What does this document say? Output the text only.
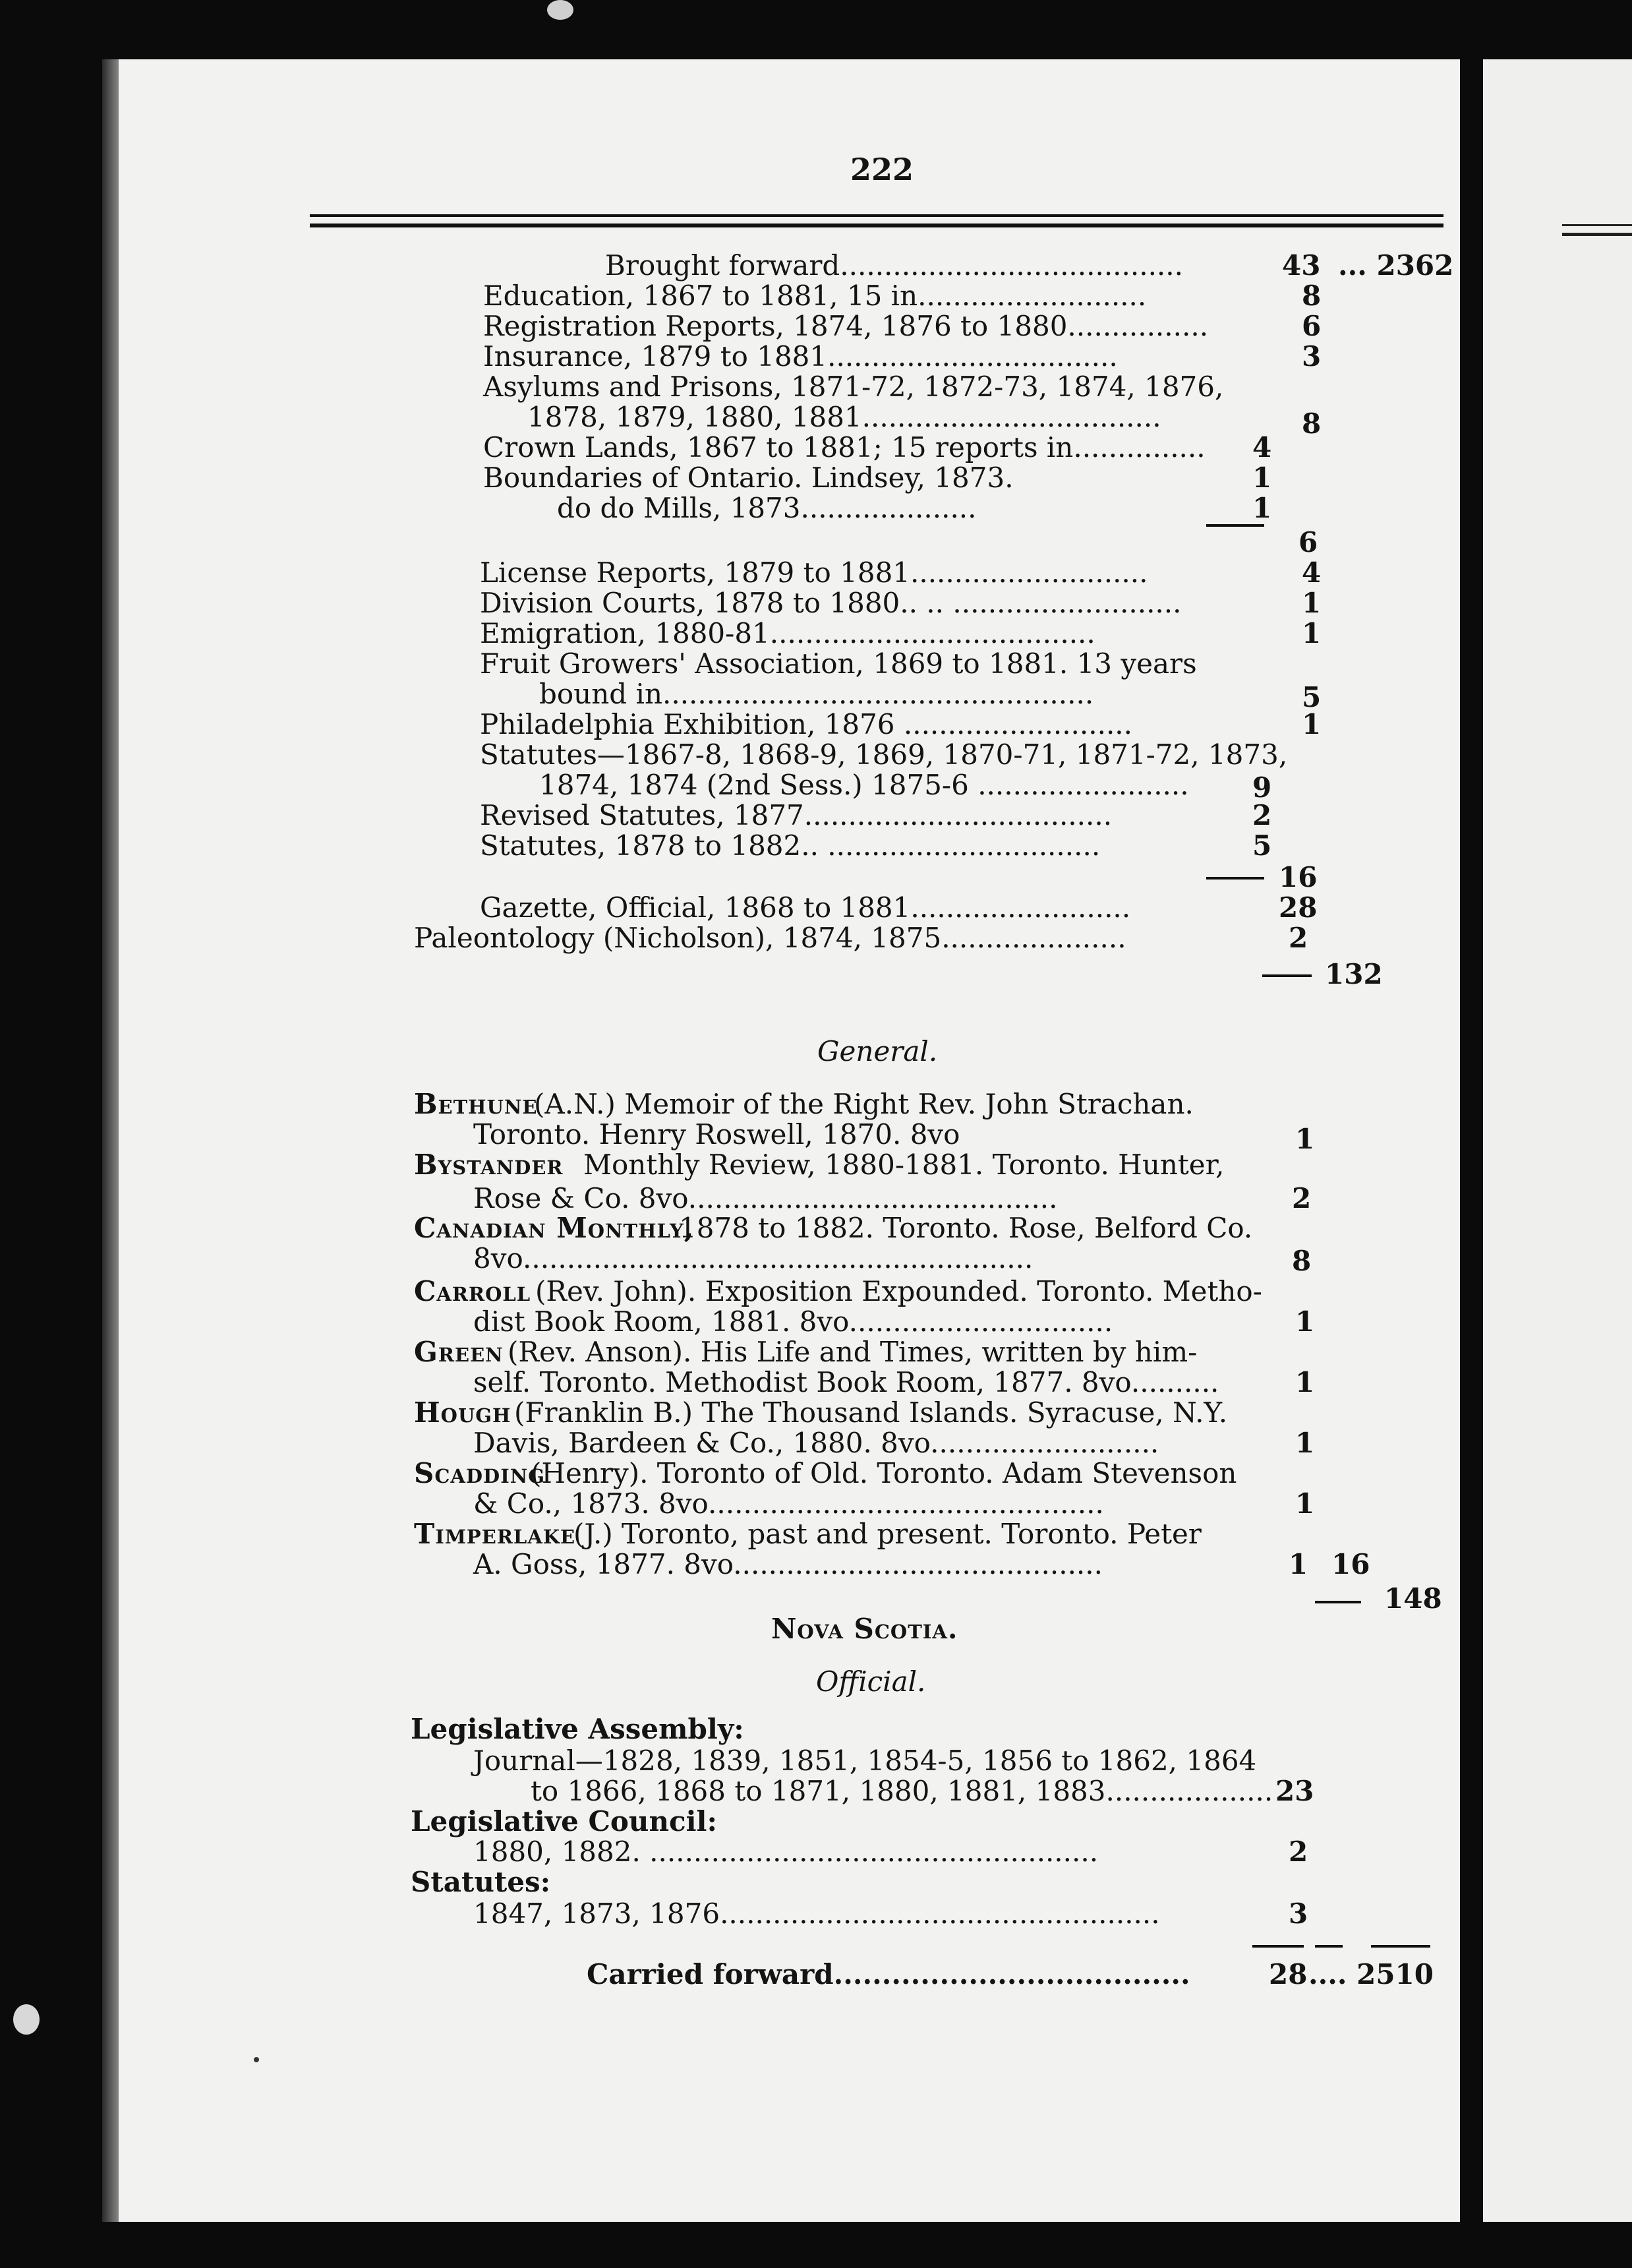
222
Brought forward.......................................	43 ... 2362
Education, 1867 to 1881, 15 in..........................	8
Registration Reports, 1874, 1876 to 1880................	6
Insurance, 1879 to 1881.................................	3
Asylums and Prisons, 1871-72, 1872-73, 1874, 1876,
1878, 1879, 1880, 1881..................................	8
Crown Lands, 1867 to 1881; 15 reports in............... 4
Boundaries of Ontario. Lindsey, 1873.	1
do do Mills, 1873....................	1
6
License Reports, 1879 to 1881...........................	4
Division Courts, 1878 to 1880.. .. ..........................	1
Emigration, 1880-81.....................................	1
Fruit Growers' Association, 1869 to 1881. 13 years
bound in.................................................	5
Philadelphia Exhibition, 1876 ..........................	1
Statutes—1867-8, 1868-9, 1869, 1870-71, 1871-72, 1873,
1874, 1874 (2nd Sess.) 1875-6 ........................ 9
Revised Statutes, 1877...................................	2
Statutes, 1878 to 1882.. ...............................	5
16
Gazette, Official, 1868 to 1881.........................	28
Paleontology (Nicholson), 1874, 1875.....................	2
132
General.
Bethune
(A.N.) Memoir of the Right Rev. John Strachan.
Toronto. Henry Roswell, 1870. 8vo	1
Bystander Monthly Review, 1880-1881. Toronto. Hunter,
Rose & Co. 8vo..........................................	2
Canadian Monthly,
1878 to 1882. Toronto. Rose, Belford Co.
8vo..........................................................	8
Carroll (Rev. John). Exposition Expounded. Toronto. Metho-
dist Book Room, 1881. 8vo..............................	1
Green (Rev. Anson). His Life and Times, written by him-
self. Toronto. Methodist Book Room, 1877. 8vo..........	1
Hough (Franklin B.) The Thousand Islands. Syracuse, N.Y.
Davis, Bardeen & Co., 1880. 8vo..........................	1
Scadding
(Henry). Toronto of Old. Toronto. Adam Stevenson
& Co., 1873. 8vo.............................................	1
Timperlake
(J.) Toronto, past and present. Toronto. Peter
A. Goss, 1877. 8vo..........................................	1 16
148
Nova Scotia.
Official.
Legislative Assembly:
Journal—1828, 1839, 1851, 1854-5, 1856 to 1862, 1864
to 1866, 1868 to 1871, 1880, 1881, 1883................... 23
Legislative Council:
1880, 1882. ...................................................	2
Statutes:
1847, 1873, 1876..................................................	3
Carried forward.....................................	28 .... 2510
